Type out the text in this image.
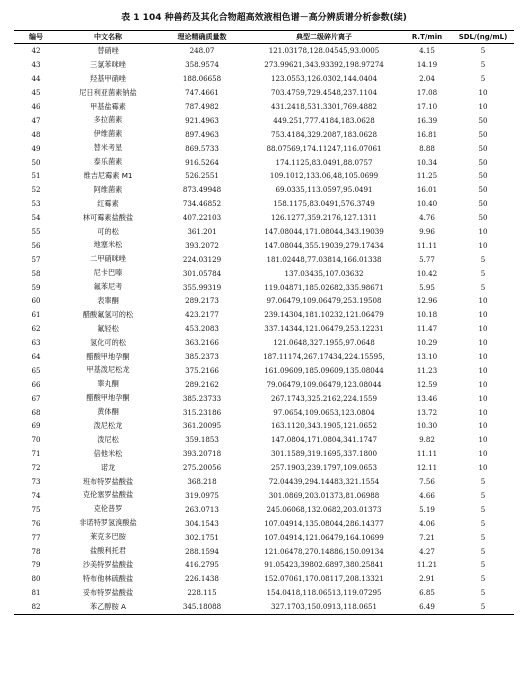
表 1 104 种兽药及其化合物超高效液相色谱－高分辨质谱分析参数(续)
编号	中文名称	理论精确质量数	典型二级碎片离子	R.T/min	SDL/(ng/mL)
42	替硝唑	248.07	121.03178,128.04545,93.0005	4.15	5
43	三氯苯咪唑	358.9574	273.99621,343.93392,198.97274	14.19	5
44	羟基甲硝唑	188.06658	123.0553,126.0302,144.0404	2.04	5
45	尼日利亚菌素钠盐	747.4661	703.4759,729.4548,237.1104	17.08	10
46	甲基盐霉素	787.4982	431.2418,531.3301,769.4882	17.10	10
47	多拉菌素	921.4963	449.251,777.4184,183.0628	16.39	50
48	伊维菌素	897.4963	753.4184,329.2087,183.0628	16.81	50
49	替米考星	869.5733	88.07569,174.11247,116.07061	8.88	50
50	泰乐菌素	916.5264	174.1125,83.0491,88.0757	10.34	50
51	维吉尼霉素 M1	526.2551	109.1012,133.06,48,105.0699	11.25	50
52	阿维菌素	873.49948	69.0335,113.0597,95.0491	16.01	50
53	红霉素	734.46852	158.1175,83.0491,576.3749	10.40	50
54	林可霉素盐酸盐	407.22103	126.1277,359.2176,127.1311	4.76	50
55	可的松	361.201	147.08044,171.08044,343.19039	9.96	10
56	地塞米松	393.2072	147.08044,355.19039,279.17434	11.11	10
57	二甲硝咪唑	224.03129	181.02448,77.03814,166.01338	5.77	5
58	尼卡巴嗪	301.05784	137.03435,107.03632	10.42	5
59	氟苯尼考	355.99319	119.04871,185.02682,335.98671	5.95	5
60	表睾酮	289.2173	97.06479,109.06479,253.19508	12.96	10
61	醋酸氟氢可的松	423.2177	239.14304,181.10232,121.06479	10.18	10
62	氟轻松	453.2083	337.14344,121.06479,253.12231	11.47	10
63	氢化可的松	363.2166	121.0648,327.1955,97.0648	10.29	10
64	醋酸甲地孕酮	385.2373	187.11174,267.17434,224.15595,	13.10	10
65	甲基泼尼松龙	375.2166	161.09609,185.09609,135.08044	11.23	10
66	睾丸酮	289.2162	79.06479,109.06479,123.08044	12.59	10
67	醋酸甲地孕酮	385.23733	267.1743,325.2162,224.1559	13.46	10
68	黄体酮	315.23186	97.0654,109.0653,123.0804	13.72	10
69	泼尼松龙	361.20095	163.1120,343.1905,121.0652	10.30	10
70	泼尼松	359.1853	147.0804,171.0804,341.1747	9.82	10
71	倍他米松	393.20718	301.1589,319.1695,337.1800	11.11	10
72	诺龙	275.20056	257.1903,239.1797,109.0653	12.11	10
73	班布特罗盐酸盐	368.218	72.04439,294.14483,321.1554	7.56	5
74	克伦塞罗盐酸盐	319.0975	301.0869,203.01373,81.06988	4.66	5
75	克伦普罗	263.0713	245.06068,132.0682,203.01373	5.19	5
76	非诺特罗氢溴酸盐	304.1543	107.04914,135.08044,286.14377	4.06	5
77	莱克多巴胺	302.1751	107.04914,121.06479,164.10699	7.21	5
78	盐酸利托君	288.1594	121.06478,270.14886,150.09134	4.27	5
79	沙美特罗盐酸盐	416.2795	91.05423,39802.6897,380.25841	11.21	5
80	特布他林硫酸盐	226.1438	152.07061,170.08117,208.13321	2.91	5
81	妥布特罗盐酸盐	228.115	154.0418,118.06513,119.07295	6.85	5
82	苯乙醇胺 A	345.18088	327.1703,150.0913,118.0651	6.49	5
